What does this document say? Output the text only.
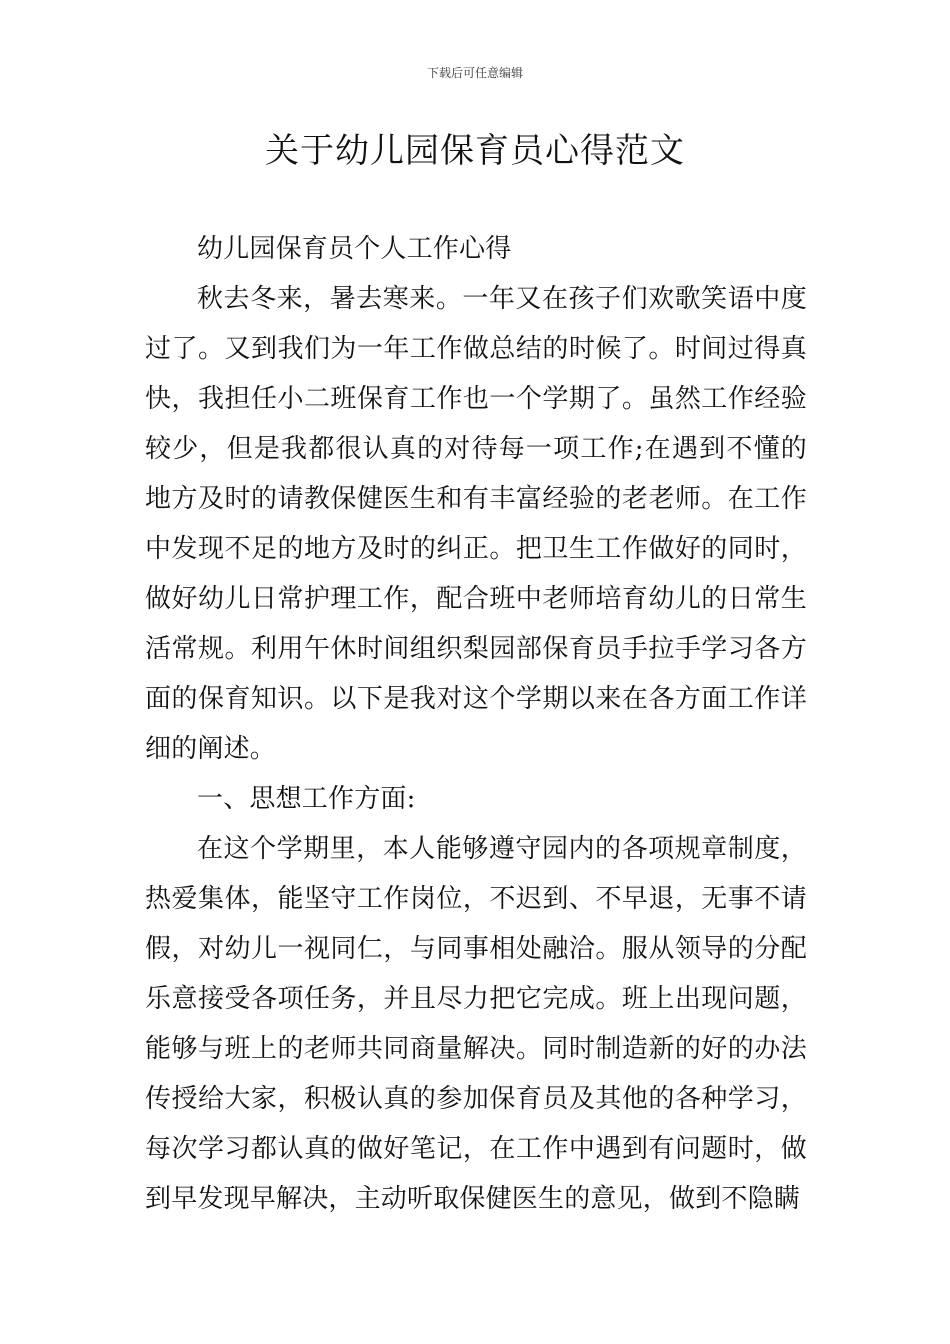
下载后可任意编辑
关于幼儿园保育员心得范文

幼儿园保育员个人工作心得

秋去冬来，暑去寒来。一年又在孩子们欢歌笑语中度过了。又到我们为一年工作做总结的时候了。时间过得真快，我担任小二班保育工作也一个学期了。虽然工作经验较少，但是我都很认真的对待每一项工作;在遇到不懂的地方及时的请教保健医生和有丰富经验的老老师。在工作中发现不足的地方及时的纠正。把卫生工作做好的同时，做好幼儿日常护理工作，配合班中老师培育幼儿的日常生活常规。利用午休时间组织梨园部保育员手拉手学习各方面的保育知识。以下是我对这个学期以来在各方面工作详细的阐述。

一、思想工作方面:

在这个学期里，本人能够遵守园内的各项规章制度，热爱集体，能坚守工作岗位，不迟到、不早退，无事不请假，对幼儿一视同仁，与同事相处融洽。服从领导的分配乐意接受各项任务，并且尽力把它完成。班上出现问题，能够与班上的老师共同商量解决。同时制造新的好的办法传授给大家，积极认真的参加保育员及其他的各种学习，每次学习都认真的做好笔记，在工作中遇到有问题时，做到早发现早解决，主动听取保健医生的意见，做到不隐瞒
